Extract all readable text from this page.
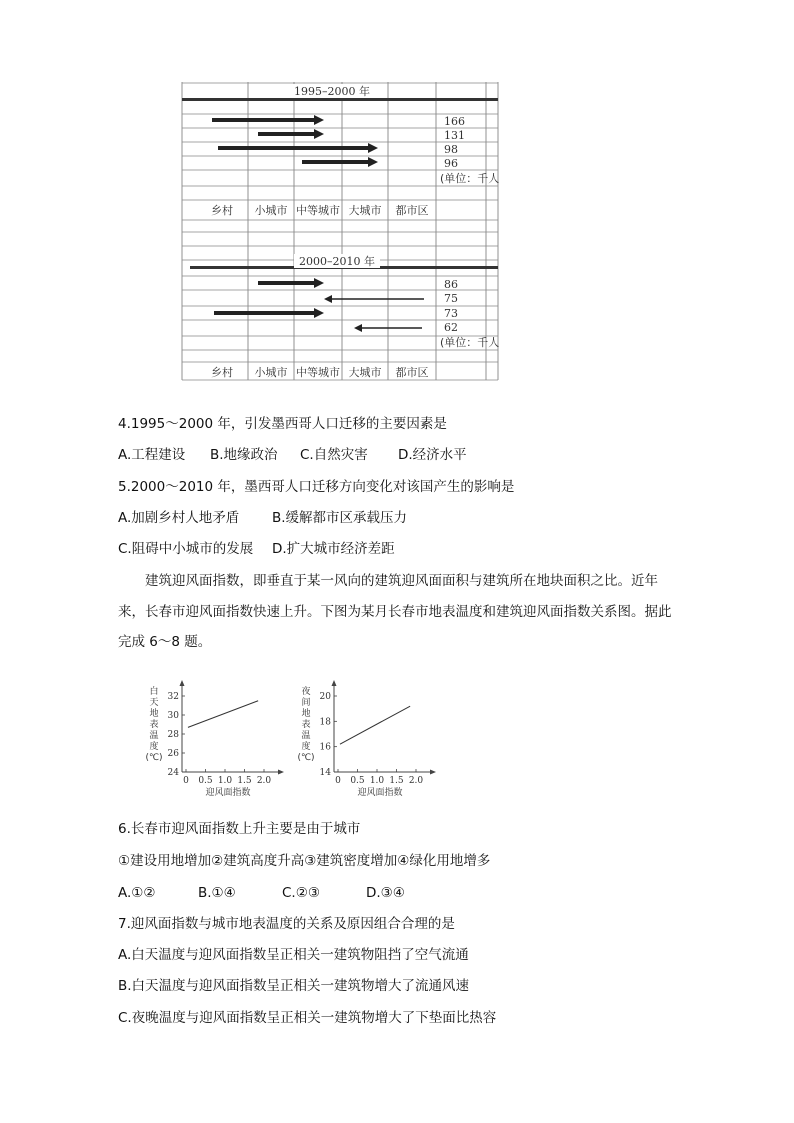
1995–2000 年
2000–2010 年
166
131
98
96
(单位：千人)
乡村 小城市 中等城市 大城市 都市区
86
75
73
62
(单位：千人)
乡村 小城市 中等城市 大城市 都市区
4.1995～2000 年，引发墨西哥人口迁移的主要因素是
A.工程建设 B.地缘政治 C.自然灾害 D.经济水平
5.2000～2010 年，墨西哥人口迁移方向变化对该国产生的影响是
A.加剧乡村人地矛盾 B.缓解都市区承载压力
C.阻碍中小城市的发展 D.扩大城市经济差距
建筑迎风面指数，即垂直于某一风向的建筑迎风面面积与建筑所在地块面积之比。近年来，长春市迎风面指数快速上升。下图为某月长春市地表温度和建筑迎风面指数关系图。据此完成 6～8 题。
24
26
28
30
32
0 0.5 1.0 1.5 2.0
白
天
地
表
温
度
(℃)
迎风面指数
14
16
18
20
0 0.5 1.0 1.5 2.0
夜
间
地
表
温
度
(℃)
迎风面指数
6.长春市迎风面指数上升主要是由于城市
①建设用地增加②建筑高度升高③建筑密度增加④绿化用地增多
A.①②	B.①④	C.②③	D.③④
7.迎风面指数与城市地表温度的关系及原因组合合理的是
A.白天温度与迎风面指数呈正相关一建筑物阻挡了空气流通
B.白天温度与迎风面指数呈正相关一建筑物增大了流通风速
C.夜晚温度与迎风面指数呈正相关一建筑物增大了下垫面比热容
